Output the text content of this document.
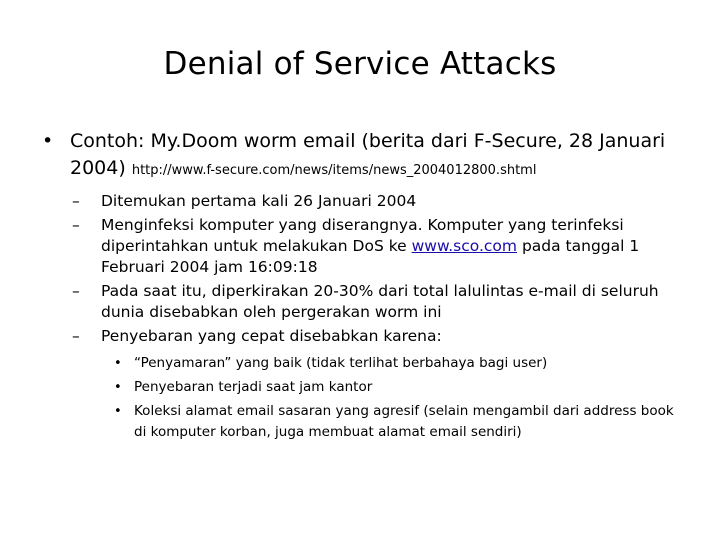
Denial of Service Attacks
• Contoh: My.Doom worm email (berita dari F-Secure, 28 Januari 2004) http://www.f-secure.com/news/items/news_2004012800.shtml
– Ditemukan pertama kali 26 Januari 2004
– Menginfeksi komputer yang diserangnya. Komputer yang terinfeksi diperintahkan untuk melakukan DoS ke www.sco.com pada tanggal 1 Februari 2004 jam 16:09:18
– Pada saat itu, diperkirakan 20-30% dari total lalulintas e-mail di seluruh dunia disebabkan oleh pergerakan worm ini
– Penyebaran yang cepat disebabkan karena:
• “Penyamaran” yang baik (tidak terlihat berbahaya bagi user)
• Penyebaran terjadi saat jam kantor
• Koleksi alamat email sasaran yang agresif (selain mengambil dari address book di komputer korban, juga membuat alamat email sendiri)
